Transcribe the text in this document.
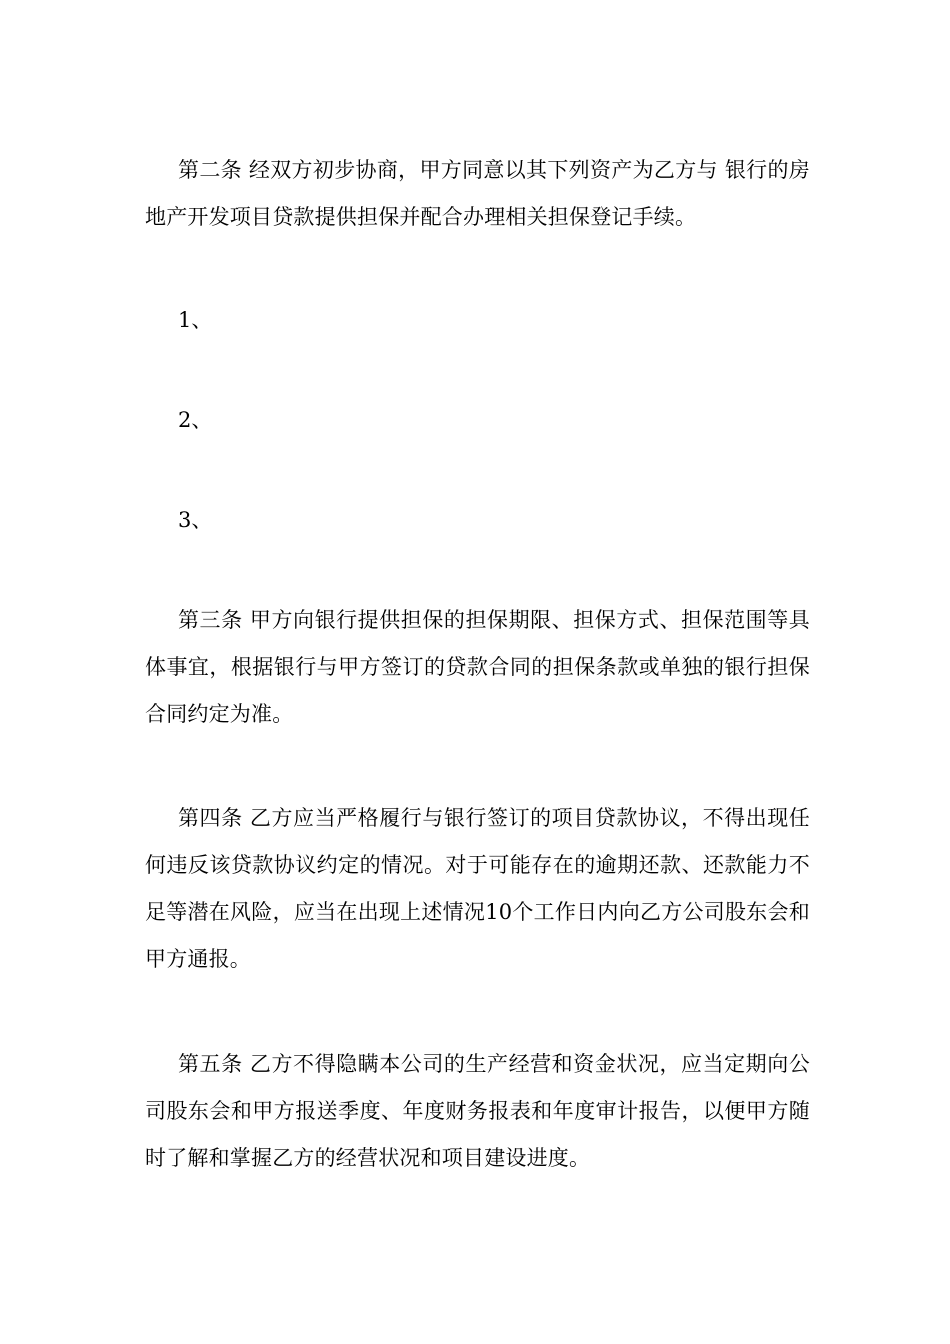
第二条 经双方初步协商，甲方同意以其下列资产为乙方与 银行的房地产开发项目贷款提供担保并配合办理相关担保登记手续。

1、

2、

3、

第三条 甲方向银行提供担保的担保期限、担保方式、担保范围等具体事宜，根据银行与甲方签订的贷款合同的担保条款或单独的银行担保合同约定为准。

第四条 乙方应当严格履行与银行签订的项目贷款协议，不得出现任何违反该贷款协议约定的情况。对于可能存在的逾期还款、还款能力不足等潜在风险，应当在出现上述情况10个工作日内向乙方公司股东会和甲方通报。

第五条 乙方不得隐瞒本公司的生产经营和资金状况，应当定期向公司股东会和甲方报送季度、年度财务报表和年度审计报告，以便甲方随时了解和掌握乙方的经营状况和项目建设进度。
